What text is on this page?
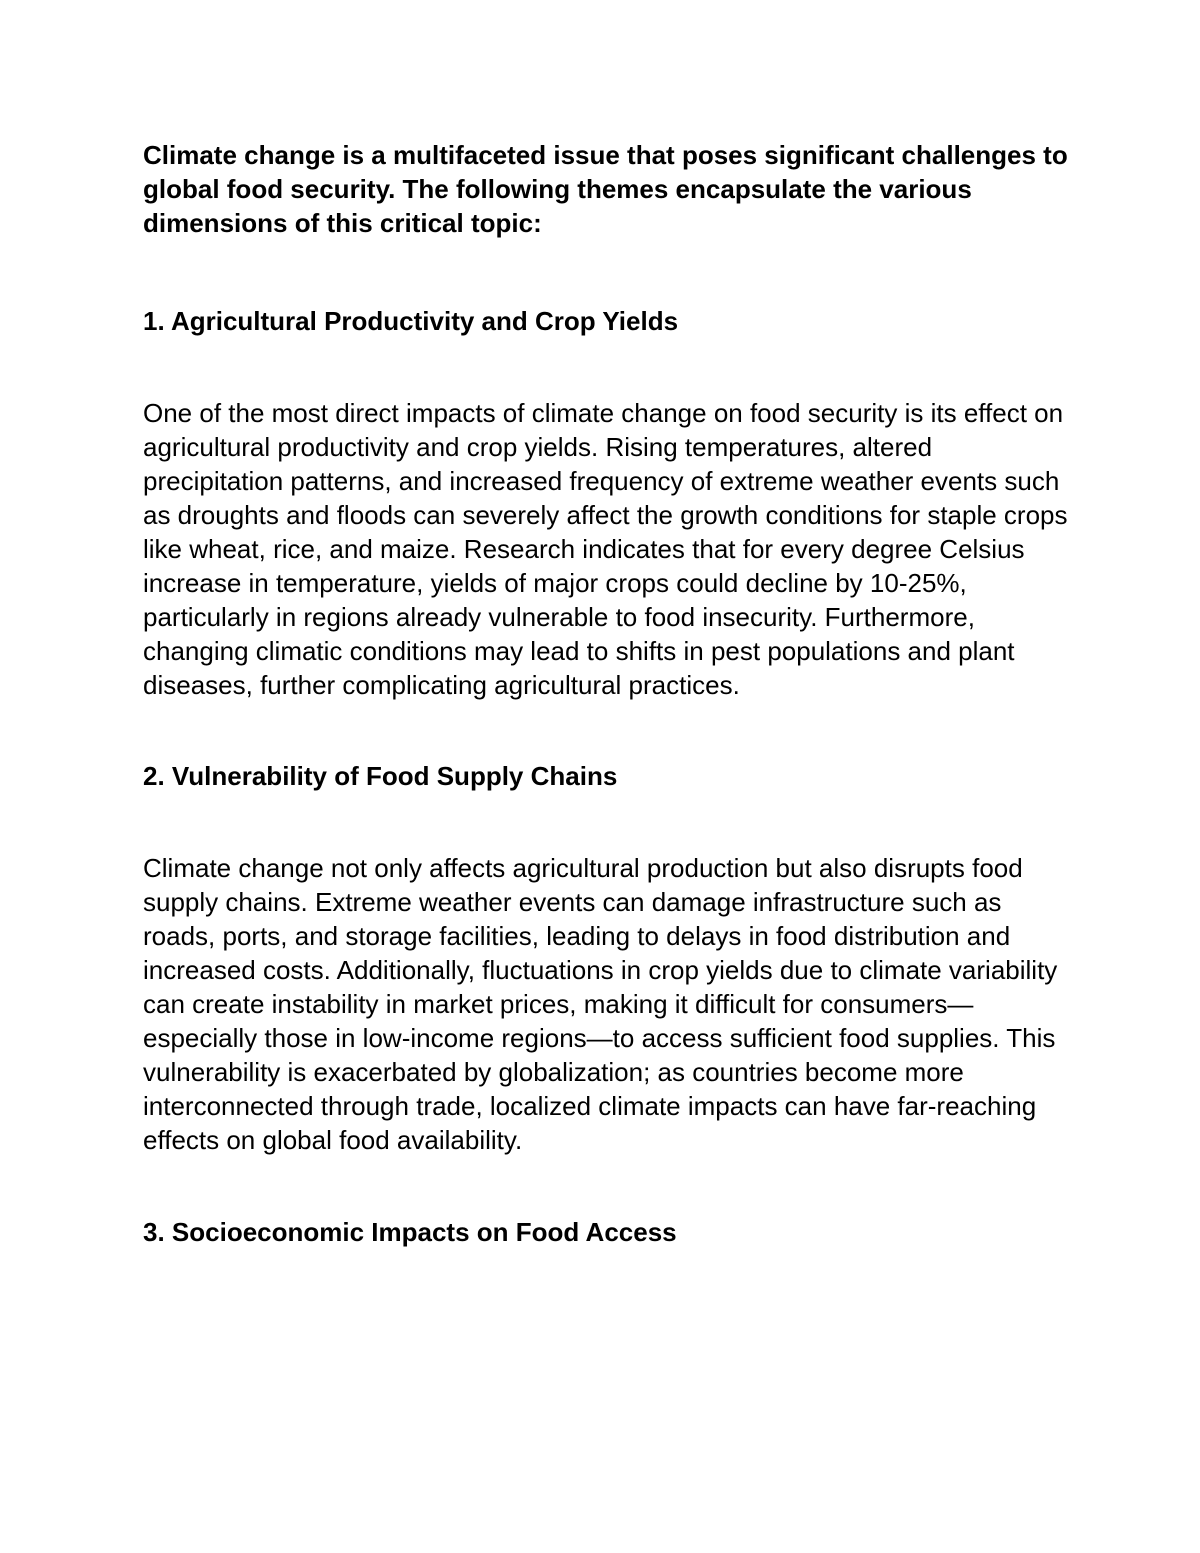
Climate change is a multifaceted issue that poses significant challenges to global food security. The following themes encapsulate the various dimensions of this critical topic:

1. Agricultural Productivity and Crop Yields

One of the most direct impacts of climate change on food security is its effect on agricultural productivity and crop yields. Rising temperatures, altered precipitation patterns, and increased frequency of extreme weather events such as droughts and floods can severely affect the growth conditions for staple crops like wheat, rice, and maize. Research indicates that for every degree Celsius increase in temperature, yields of major crops could decline by 10-25%, particularly in regions already vulnerable to food insecurity. Furthermore, changing climatic conditions may lead to shifts in pest populations and plant diseases, further complicating agricultural practices.

2. Vulnerability of Food Supply Chains

Climate change not only affects agricultural production but also disrupts food supply chains. Extreme weather events can damage infrastructure such as roads, ports, and storage facilities, leading to delays in food distribution and increased costs. Additionally, fluctuations in crop yields due to climate variability can create instability in market prices, making it difficult for consumers—especially those in low-income regions—to access sufficient food supplies. This vulnerability is exacerbated by globalization; as countries become more interconnected through trade, localized climate impacts can have far-reaching effects on global food availability.

3. Socioeconomic Impacts on Food Access
